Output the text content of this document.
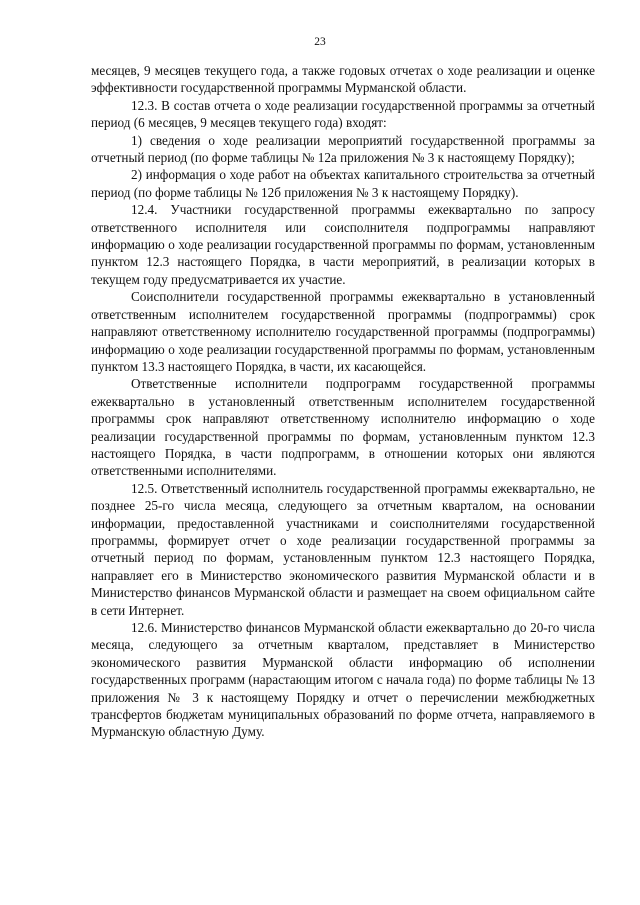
23

месяцев, 9 месяцев текущего года, а также годовых отчетах о ходе реализации и оценке эффективности государственной программы Мурманской области.

12.3. В состав отчета о ходе реализации государственной программы за отчетный период (6 месяцев, 9 месяцев текущего года) входят:

1) сведения о ходе реализации мероприятий государственной программы за отчетный период (по форме таблицы № 12а приложения № 3 к настоящему Порядку);

2) информация о ходе работ на объектах капитального строительства за отчетный период (по форме таблицы № 12б приложения № 3 к настоящему Порядку).

12.4. Участники государственной программы ежеквартально по запросу ответственного исполнителя или соисполнителя подпрограммы направляют информацию о ходе реализации государственной программы по формам, установленным пунктом 12.3 настоящего Порядка, в части мероприятий, в реализации которых в текущем году предусматривается их участие.

Соисполнители государственной программы ежеквартально в установленный ответственным исполнителем государственной программы (подпрограммы) срок направляют ответственному исполнителю государственной программы (подпрограммы) информацию о ходе реализации государственной программы по формам, установленным пунктом 13.3 настоящего Порядка, в части, их касающейся.

Ответственные исполнители подпрограмм государственной программы ежеквартально в установленный ответственным исполнителем государственной программы срок направляют ответственному исполнителю информацию о ходе реализации государственной программы по формам, установленным пунктом 12.3 настоящего Порядка, в части подпрограмм, в отношении которых они являются ответственными исполнителями.

12.5. Ответственный исполнитель государственной программы ежеквартально, не позднее 25-го числа месяца, следующего за отчетным кварталом, на основании информации, предоставленной участниками и соисполнителями государственной программы, формирует отчет о ходе реализации государственной программы за отчетный период по формам, установленным пунктом 12.3 настоящего Порядка, направляет его в Министерство экономического развития Мурманской области и в Министерство финансов Мурманской области и размещает на своем официальном сайте в сети Интернет.

12.6. Министерство финансов Мурманской области ежеквартально до 20-го числа месяца, следующего за отчетным кварталом, представляет в Министерство экономического развития Мурманской области информацию об исполнении государственных программ (нарастающим итогом с начала года) по форме таблицы № 13 приложения № 3 к настоящему Порядку и отчет о перечислении межбюджетных трансфертов бюджетам муниципальных образований по форме отчета, направляемого в Мурманскую областную Думу.
